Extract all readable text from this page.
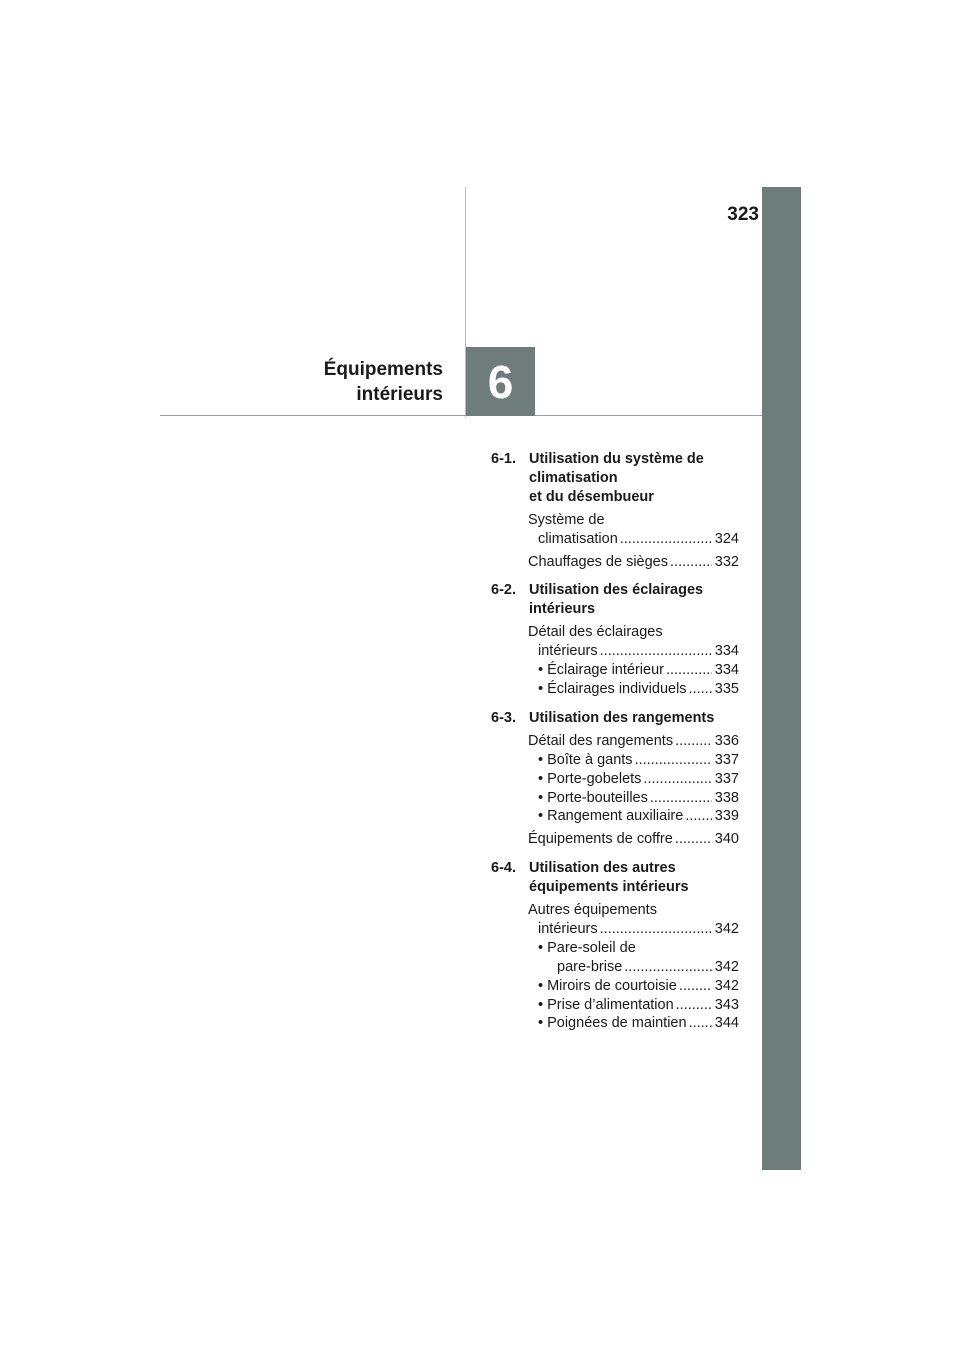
323
6
Équipements
intérieurs
6-1. Utilisation du système de
climatisation
et du désembueur
Système de
climatisation .....	324
Chauffages de sièges .....	332
6-2. Utilisation des éclairages
intérieurs
Détail des éclairages
intérieurs .....	334
• Éclairage intérieur .....	334
• Éclairages individuels ..... 335
6-3. Utilisation des rangements
Détail des rangements .....	336
• Boîte à gants .....	337
• Porte-gobelets .....	337
• Porte-bouteilles .....	338
• Rangement auxiliaire ..... 339
Équipements de coffre .....	340
6-4. Utilisation des autres
équipements intérieurs
Autres équipements
intérieurs .....	342
• Pare-soleil de
pare-brise .....	342
• Miroirs de courtoisie .....	342
• Prise d’alimentation .....	343
• Poignées de maintien ..... 344
